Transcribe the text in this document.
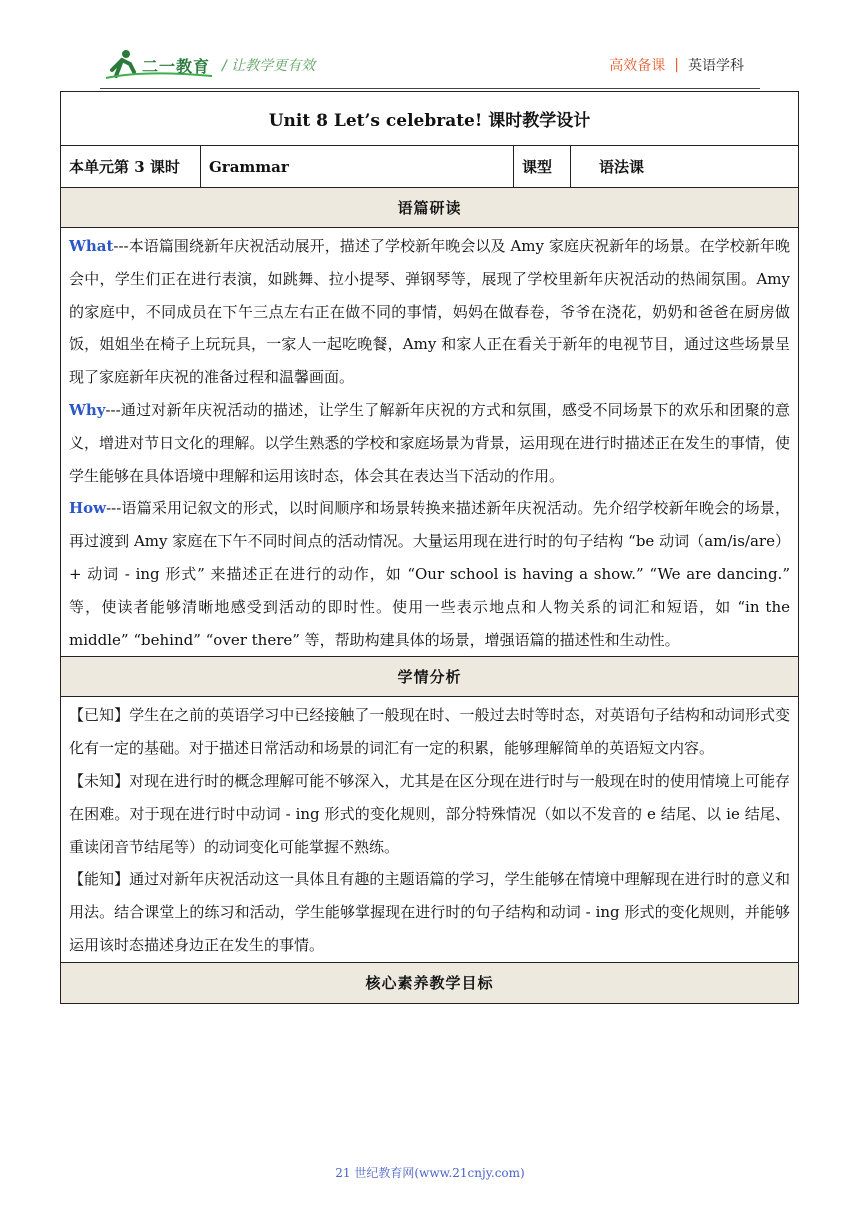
二一教育 / 让教学更有效	高效备课 | 英语学科
Unit 8 Let’s celebrate! 课时教学设计
本单元第 3 课时	Grammar	课型	语法课
语篇研读

What---本语篇围绕新年庆祝活动展开，描述了学校新年晚会以及 Amy 家庭庆祝新年的场景。在学校新年晚会中，学生们正在进行表演，如跳舞、拉小提琴、弹钢琴等，展现了学校里新年庆祝活动的热闹氛围。Amy 的家庭中，不同成员在下午三点左右正在做不同的事情，妈妈在做春卷，爷爷在浇花，奶奶和爸爸在厨房做饭，姐姐坐在椅子上玩玩具，一家人一起吃晚餐，Amy 和家人正在看关于新年的电视节目，通过这些场景呈现了家庭新年庆祝的准备过程和温馨画面。

Why---通过对新年庆祝活动的描述，让学生了解新年庆祝的方式和氛围，感受不同场景下的欢乐和团聚的意义，增进对节日文化的理解。以学生熟悉的学校和家庭场景为背景，运用现在进行时描述正在发生的事情，使学生能够在具体语境中理解和运用该时态，体会其在表达当下活动的作用。

How---语篇采用记叙文的形式，以时间顺序和场景转换来描述新年庆祝活动。先介绍学校新年晚会的场景，再过渡到 Amy 家庭在下午不同时间点的活动情况。大量运用现在进行时的句子结构 “be 动词（am/is/are）+ 动词 - ing 形式” 来描述正在进行的动作，如 “Our school is having a show.” “We are dancing.” 等，使读者能够清晰地感受到活动的即时性。使用一些表示地点和人物关系的词汇和短语，如 “in the middle” “behind” “over there” 等，帮助构建具体的场景，增强语篇的描述性和生动性。

学情分析

【已知】学生在之前的英语学习中已经接触了一般现在时、一般过去时等时态，对英语句子结构和动词形式变化有一定的基础。对于描述日常活动和场景的词汇有一定的积累，能够理解简单的英语短文内容。

【未知】对现在进行时的概念理解可能不够深入，尤其是在区分现在进行时与一般现在时的使用情境上可能存在困难。对于现在进行时中动词 - ing 形式的变化规则，部分特殊情况（如以不发音的 e 结尾、以 ie 结尾、重读闭音节结尾等）的动词变化可能掌握不熟练。

【能知】通过对新年庆祝活动这一具体且有趣的主题语篇的学习，学生能够在情境中理解现在进行时的意义和用法。结合课堂上的练习和活动，学生能够掌握现在进行时的句子结构和动词 - ing 形式的变化规则，并能够运用该时态描述身边正在发生的事情。

核心素养教学目标
21 世纪教育网(www.21cnjy.com)
